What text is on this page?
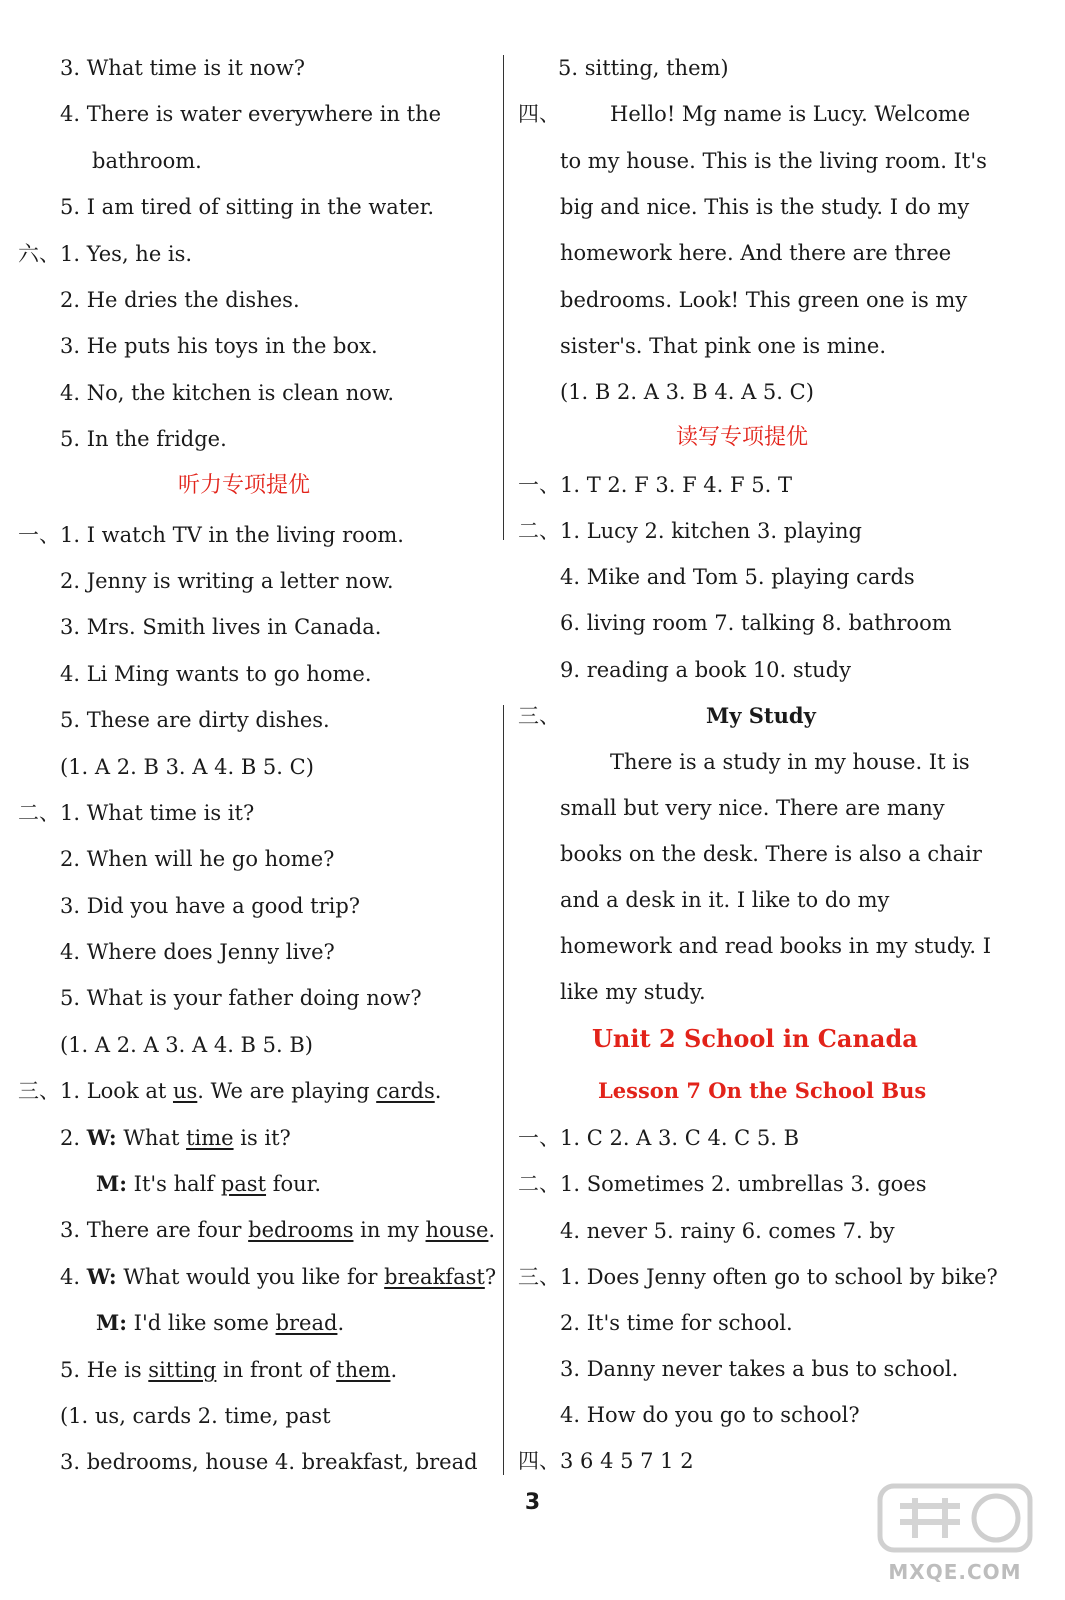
3. What time is it now?
4. There is water everywhere in the
bathroom.
5. I am tired of sitting in the water.
六、 1. Yes, he is.
2. He dries the dishes.
3. He puts his toys in the box.
4. No, the kitchen is clean now.
5. In the fridge.
听力专项提优
一、 1. I watch TV in the living room.
2. Jenny is writing a letter now.
3. Mrs. Smith lives in Canada.
4. Li Ming wants to go home.
5. These are dirty dishes.
(1. A 2. B 3. A 4. B 5. C)
二、 1. What time is it?
2. When will he go home?
3. Did you have a good trip?
4. Where does Jenny live?
5. What is your father doing now?
(1. A 2. A 3. A 4. B 5. B)
三、 1. Look at us. We are playing cards.
2. W: What time is it?
M: It's half past four.
3. There are four bedrooms in my house.
4. W: What would you like for breakfast?
M: I'd like some bread.
5. He is sitting in front of them.
(1. us, cards 2. time, past
3. bedrooms, house 4. breakfast, bread
5. sitting, them)
四、 Hello! Mg name is Lucy. Welcome
to my house. This is the living room. It's
big and nice. This is the study. I do my
homework here. And there are three
bedrooms. Look! This green one is my
sister's. That pink one is mine.
(1. B 2. A 3. B 4. A 5. C)
读写专项提优
一、 1. T 2. F 3. F 4. F 5. T
二、 1. Lucy 2. kitchen 3. playing
4. Mike and Tom 5. playing cards
6. living room 7. talking 8. bathroom
9. reading a book 10. study
三、	My Study
There is a study in my house. It is
small but very nice. There are many
books on the desk. There is also a chair
and a desk in it. I like to do my
homework and read books in my study. I
like my study.
Unit 2 School in Canada
Lesson 7 On the School Bus
一、 1. C 2. A 3. C 4. C 5. B
二、 1. Sometimes 2. umbrellas 3. goes
4. never 5. rainy 6. comes 7. by
三、 1. Does Jenny often go to school by bike?
2. It's time for school.
3. Danny never takes a bus to school.
4. How do you go to school?
四、 3 6 4 5 7 1 2
3
MXQE.COM
